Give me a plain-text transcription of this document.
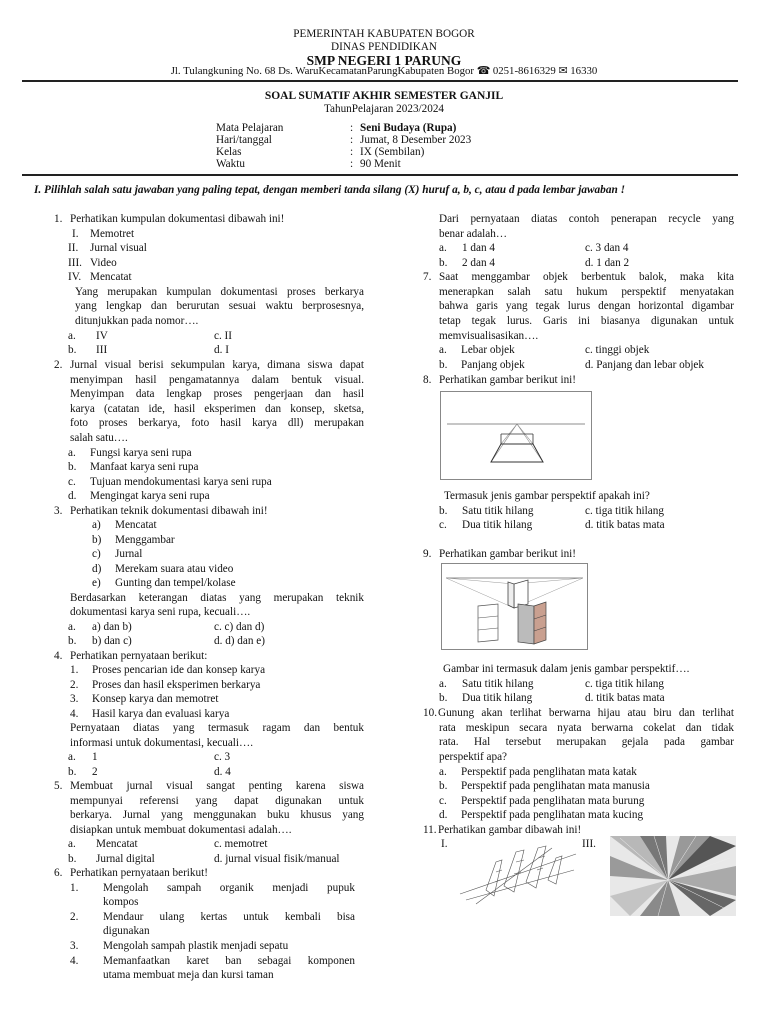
PEMERINTAH KABUPATEN BOGOR
DINAS PENDIDIKAN
SMP NEGERI 1 PARUNG
Jl. Tulangkuning No. 68 Ds. WaruKecamatanParungKabupaten Bogor ☎ 0251-8616329 ✉ 16330
SOAL SUMATIF AKHIR SEMESTER GANJIL
TahunPelajaran 2023/2024
Mata Pelajaran	: Seni Budaya (Rupa)
Hari/tanggal	: Jumat, 8 Desember 2023
Kelas	: IX (Sembilan)
Waktu	: 90 Menit
I. Pilihlah salah satu jawaban yang paling tepat, dengan memberi tanda silang (X) huruf a, b, c, atau d pada lembar jawaban !
1. Perhatikan kumpulan dokumentasi dibawah ini!
I. Memotret
II. Jurnal visual
III. Video
IV. Mencatat
Yang merupakan kumpulan dokumentasi proses berkarya
yang lengkap dan berurutan sesuai waktu berprosesnya,
ditunjukkan pada nomor….
a. IV	c. II
b. III	d. I
2. Jurnal visual berisi sekumpulan karya, dimana siswa dapat
menyimpan hasil pengamatannya dalam bentuk visual.
Menyimpan data lengkap proses pengerjaan dan hasil
karya (catatan ide, hasil eksperimen dan konsep, sketsa,
foto proses berkarya, foto hasil karya dll) merupakan
salah satu….
a. Fungsi karya seni rupa
b. Manfaat karya seni rupa
c. Tujuan mendokumentasi karya seni rupa
d. Mengingat karya seni rupa
3. Perhatikan teknik dokumentasi dibawah ini!
a) Mencatat
b) Menggambar
c) Jurnal
d) Merekam suara atau video
e) Gunting dan tempel/kolase
Berdasarkan keterangan diatas yang merupakan teknik
dokumentasi karya seni rupa, kecuali….
a. a) dan b)	c. c) dan d)
b. b) dan c)	d. d) dan e)
4. Perhatikan pernyataan berikut:
1. Proses pencarian ide dan konsep karya
2. Proses dan hasil eksperimen berkarya
3. Konsep karya dan memotret
4. Hasil karya dan evaluasi karya
Pernyataan diatas yang termasuk ragam dan bentuk
informasi untuk dokumentasi, kecuali….
a. 1	c. 3
b. 2	d. 4
5. Membuat jurnal visual sangat penting karena siswa
mempunyai referensi yang dapat digunakan untuk
berkarya. Jurnal yang menggunakan buku khusus yang
disiapkan untuk membuat dokumentasi adalah….
a. Mencatat	c. memotret
b. Jurnal digital	d. jurnal visual fisik/manual
6. Perhatikan pernyataan berikut!
1. Mengolah sampah organik menjadi pupuk
kompos
2. Mendaur ulang kertas untuk kembali bisa
digunakan
3. Mengolah sampah plastik menjadi sepatu
4. Memanfaatkan karet ban sebagai komponen
utama membuat meja dan kursi taman
Dari pernyataan diatas contoh penerapan recycle yang
benar adalah…
a. 1 dan 4	c. 3 dan 4
b. 2 dan 4	d. 1 dan 2
7. Saat menggambar objek berbentuk balok, maka kita
menerapkan salah satu hukum perspektif menyatakan
bahwa garis yang tegak lurus dengan horizontal digambar
tetap tegak lurus. Garis ini biasanya digunakan untuk
memvisualisasikan….
a. Lebar objek	c. tinggi objek
b. Panjang objek	d. Panjang dan lebar objek
8. Perhatikan gambar berikut ini!
Termasuk jenis gambar perspektif apakah ini?
b. Satu titik hilang	c. tiga titik hilang
c. Dua titik hilang	d. titik batas mata
9. Perhatikan gambar berikut ini!
Gambar ini termasuk dalam jenis gambar perspektif….
a. Satu titik hilang	c. tiga titik hilang
b. Dua titik hilang	d. titik batas mata
10. Gunung akan terlihat berwarna hijau atau biru dan terlihat
rata meskipun secara nyata berwarna cokelat dan tidak
rata. Hal tersebut merupakan gejala pada gambar
perspektif apa?
a. Perspektif pada penglihatan mata katak
b. Perspektif pada penglihatan mata manusia
c. Perspektif pada penglihatan mata burung
d. Perspektif pada penglihatan mata kucing
11. Perhatikan gambar dibawah ini!
I.	III.
